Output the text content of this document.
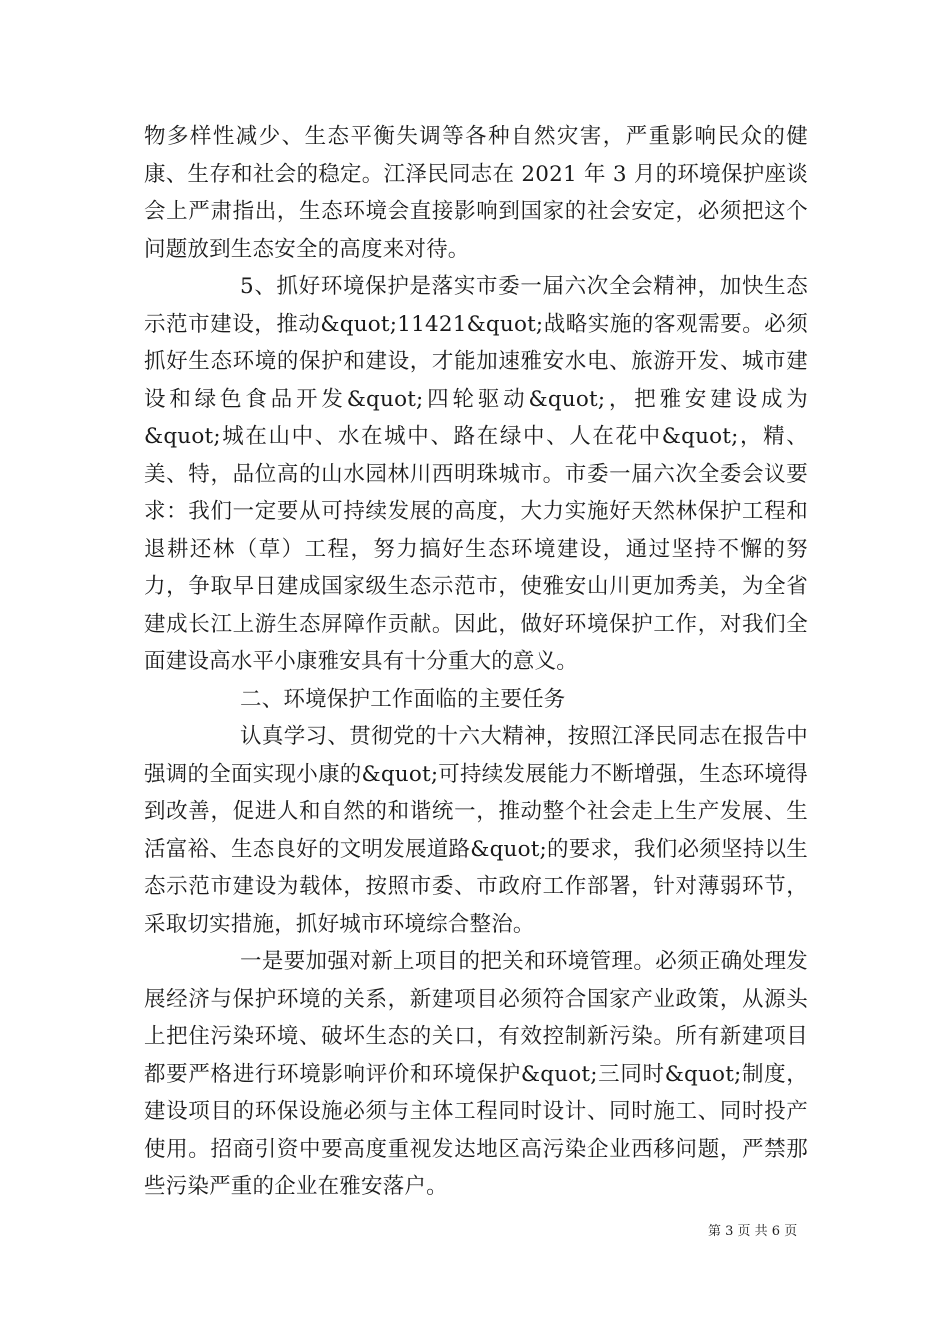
物多样性减少、生态平衡失调等各种自然灾害，严重影响民众的健康、生存和社会的稳定。江泽民同志在 2021 年 3 月的环境保护座谈会上严肃指出，生态环境会直接影响到国家的社会安定，必须把这个问题放到生态安全的高度来对待。

5、抓好环境保护是落实市委一届六次全会精神，加快生态示范市建设，推动&quot;11421&quot;战略实施的客观需要。必须抓好生态环境的保护和建设，才能加速雅安水电、旅游开发、城市建设和绿色食品开发&quot;四轮驱动&quot;，把雅安建设成为&quot;城在山中、水在城中、路在绿中、人在花中&quot;，精、美、特，品位高的山水园林川西明珠城市。市委一届六次全委会议要求：我们一定要从可持续发展的高度，大力实施好天然林保护工程和退耕还林（草）工程，努力搞好生态环境建设，通过坚持不懈的努力，争取早日建成国家级生态示范市，使雅安山川更加秀美，为全省建成长江上游生态屏障作贡献。因此，做好环境保护工作，对我们全面建设高水平小康雅安具有十分重大的意义。

二、环境保护工作面临的主要任务

认真学习、贯彻党的十六大精神，按照江泽民同志在报告中强调的全面实现小康的&quot;可持续发展能力不断增强，生态环境得到改善，促进人和自然的和谐统一，推动整个社会走上生产发展、生活富裕、生态良好的文明发展道路&quot;的要求，我们必须坚持以生态示范市建设为载体，按照市委、市政府工作部署，针对薄弱环节，采取切实措施，抓好城市环境综合整治。

一是要加强对新上项目的把关和环境管理。必须正确处理发展经济与保护环境的关系，新建项目必须符合国家产业政策，从源头上把住污染环境、破坏生态的关口，有效控制新污染。所有新建项目都要严格进行环境影响评价和环境保护&quot;三同时&quot;制度，建设项目的环保设施必须与主体工程同时设计、同时施工、同时投产使用。招商引资中要高度重视发达地区高污染企业西移问题，严禁那些污染严重的企业在雅安落户。

第 3 页 共 6 页
